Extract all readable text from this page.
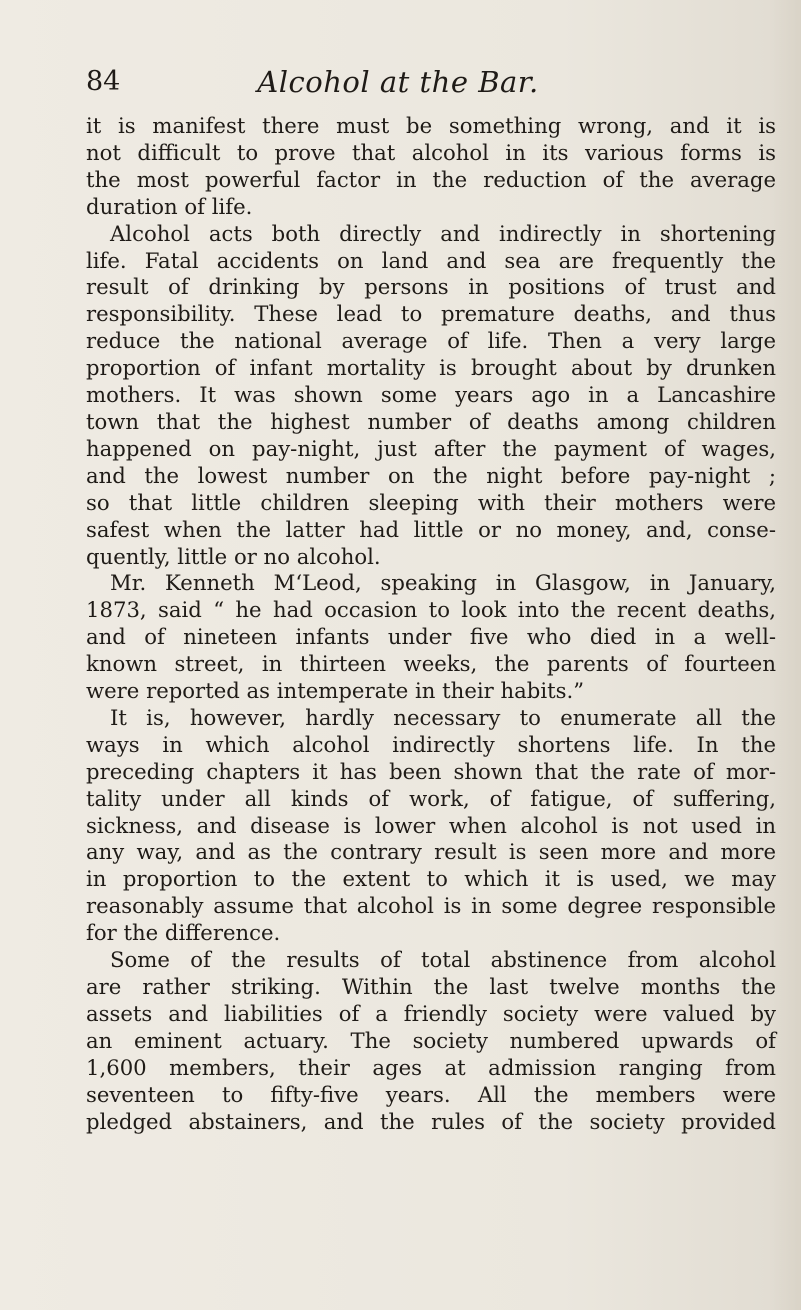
84	Alcohol at the Bar.
it is manifest there must be something wrong, and it is
not difficult to prove that alcohol in its various forms is
the most powerful factor in the reduction of the average
duration of life.
Alcohol acts both directly and indirectly in shortening
life. Fatal accidents on land and sea are frequently the
result of drinking by persons in positions of trust and
responsibility. These lead to premature deaths, and thus
reduce the national average of life. Then a very large
proportion of infant mortality is brought about by drunken
mothers. It was shown some years ago in a Lancashire
town that the highest number of deaths among children
happened on pay-night, just after the payment of wages,
and the lowest number on the night before pay-night ;
so that little children sleeping with their mothers were
safest when the latter had little or no money, and, conse-
quently, little or no alcohol.
Mr. Kenneth M‘Leod, speaking in Glasgow, in January,
1873, said “ he had occasion to look into the recent deaths,
and of nineteen infants under five who died in a well-
known street, in thirteen weeks, the parents of fourteen
were reported as intemperate in their habits.”
It is, however, hardly necessary to enumerate all the
ways in which alcohol indirectly shortens life. In the
preceding chapters it has been shown that the rate of mor-
tality under all kinds of work, of fatigue, of suffering,
sickness, and disease is lower when alcohol is not used in
any way, and as the contrary result is seen more and more
in proportion to the extent to which it is used, we may
reasonably assume that alcohol is in some degree responsible
for the difference.
Some of the results of total abstinence from alcohol
are rather striking. Within the last twelve months the
assets and liabilities of a friendly society were valued by
an eminent actuary. The society numbered upwards of
1,600 members, their ages at admission ranging from
seventeen to fifty-five years. All the members were
pledged abstainers, and the rules of the society provided
